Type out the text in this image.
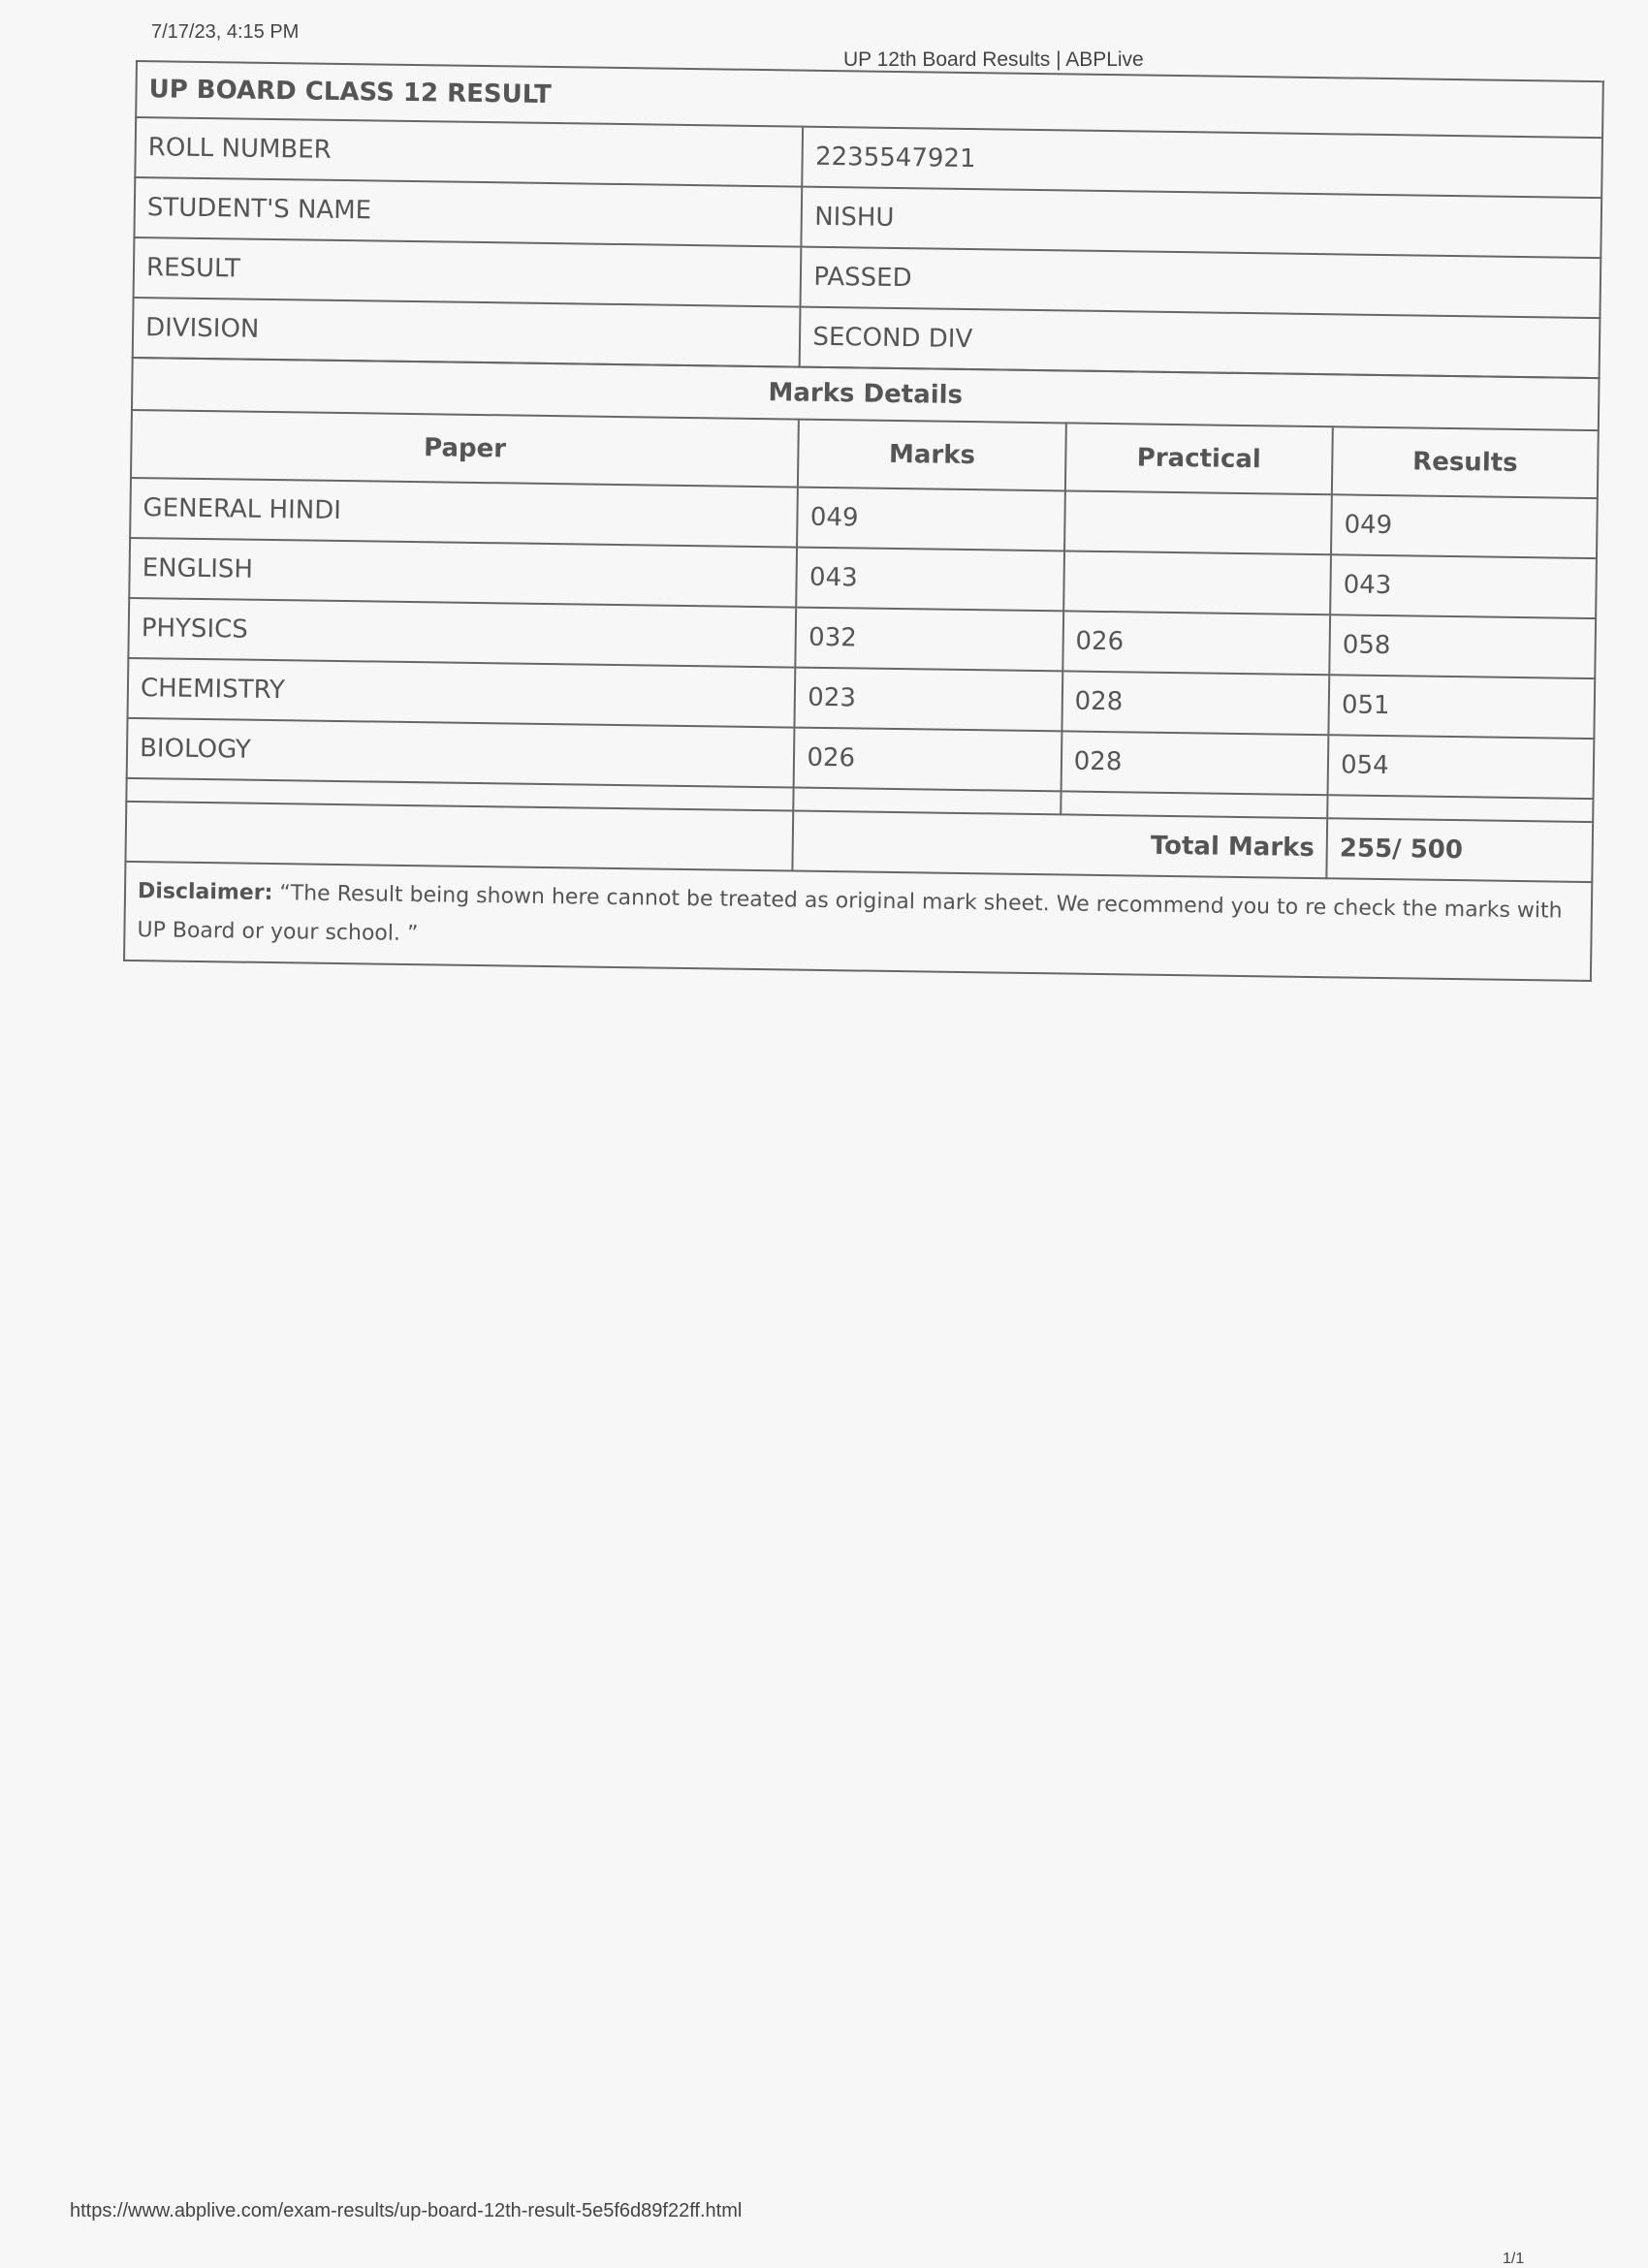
7/17/23, 4:15 PM
UP 12th Board Results | ABPLive
UP BOARD CLASS 12 RESULT	
ROLL NUMBER	2235547921
STUDENT'S NAME	NISHU
RESULT	PASSED
DIVISION	SECOND DIV
Marks Details			
Paper	Marks	Practical	Results
GENERAL HINDI	049		049
ENGLISH	043		043
PHYSICS	032	026	058
CHEMISTRY	023	028	051
BIOLOGY	026	028	054

	Total Marks		255/ 500
Disclaimer: “The Result being shown here cannot be treated as original mark sheet. We recommend you to re check the marks with UP Board or your school. ”			
https://www.abplive.com/exam-results/up-board-12th-result-5e5f6d89f22ff.html
1/1
